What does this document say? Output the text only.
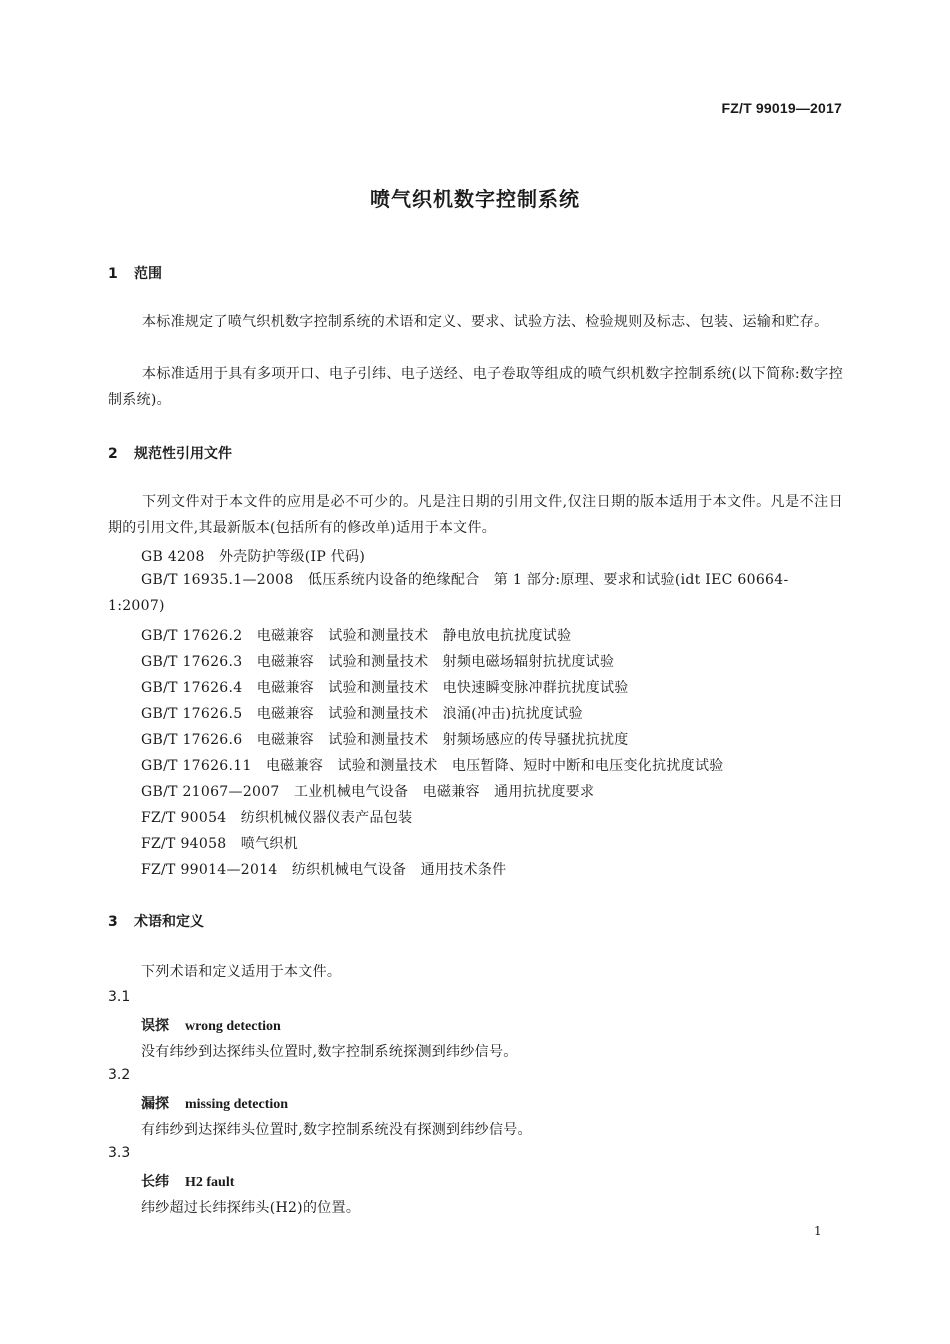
FZ/T 99019—2017
喷气织机数字控制系统
1 范围
本标准规定了喷气织机数字控制系统的术语和定义、要求、试验方法、检验规则及标志、包装、运输和贮存。
本标准适用于具有多项开口、电子引纬、电子送经、电子卷取等组成的喷气织机数字控制系统(以下简称:数字控制系统)。
2 规范性引用文件
下列文件对于本文件的应用是必不可少的。凡是注日期的引用文件,仅注日期的版本适用于本文件。凡是不注日期的引用文件,其最新版本(包括所有的修改单)适用于本文件。
GB 4208　外壳防护等级(IP 代码)
GB/T 16935.1—2008　低压系统内设备的绝缘配合　第 1 部分:原理、要求和试验(idt IEC 60664-1:2007)
GB/T 17626.2　电磁兼容　试验和测量技术　静电放电抗扰度试验
GB/T 17626.3　电磁兼容　试验和测量技术　射频电磁场辐射抗扰度试验
GB/T 17626.4　电磁兼容　试验和测量技术　电快速瞬变脉冲群抗扰度试验
GB/T 17626.5　电磁兼容　试验和测量技术　浪涌(冲击)抗扰度试验
GB/T 17626.6　电磁兼容　试验和测量技术　射频场感应的传导骚扰抗扰度
GB/T 17626.11　电磁兼容　试验和测量技术　电压暂降、短时中断和电压变化抗扰度试验
GB/T 21067—2007　工业机械电气设备　电磁兼容　通用抗扰度要求
FZ/T 90054　纺织机械仪器仪表产品包装
FZ/T 94058　喷气织机
FZ/T 99014—2014　纺织机械电气设备　通用技术条件
3 术语和定义
下列术语和定义适用于本文件。
3.1
误探 wrong detection
没有纬纱到达探纬头位置时,数字控制系统探测到纬纱信号。
3.2
漏探 missing detection
有纬纱到达探纬头位置时,数字控制系统没有探测到纬纱信号。
3.3
长纬 H2 fault
纬纱超过长纬探纬头(H2)的位置。
1
